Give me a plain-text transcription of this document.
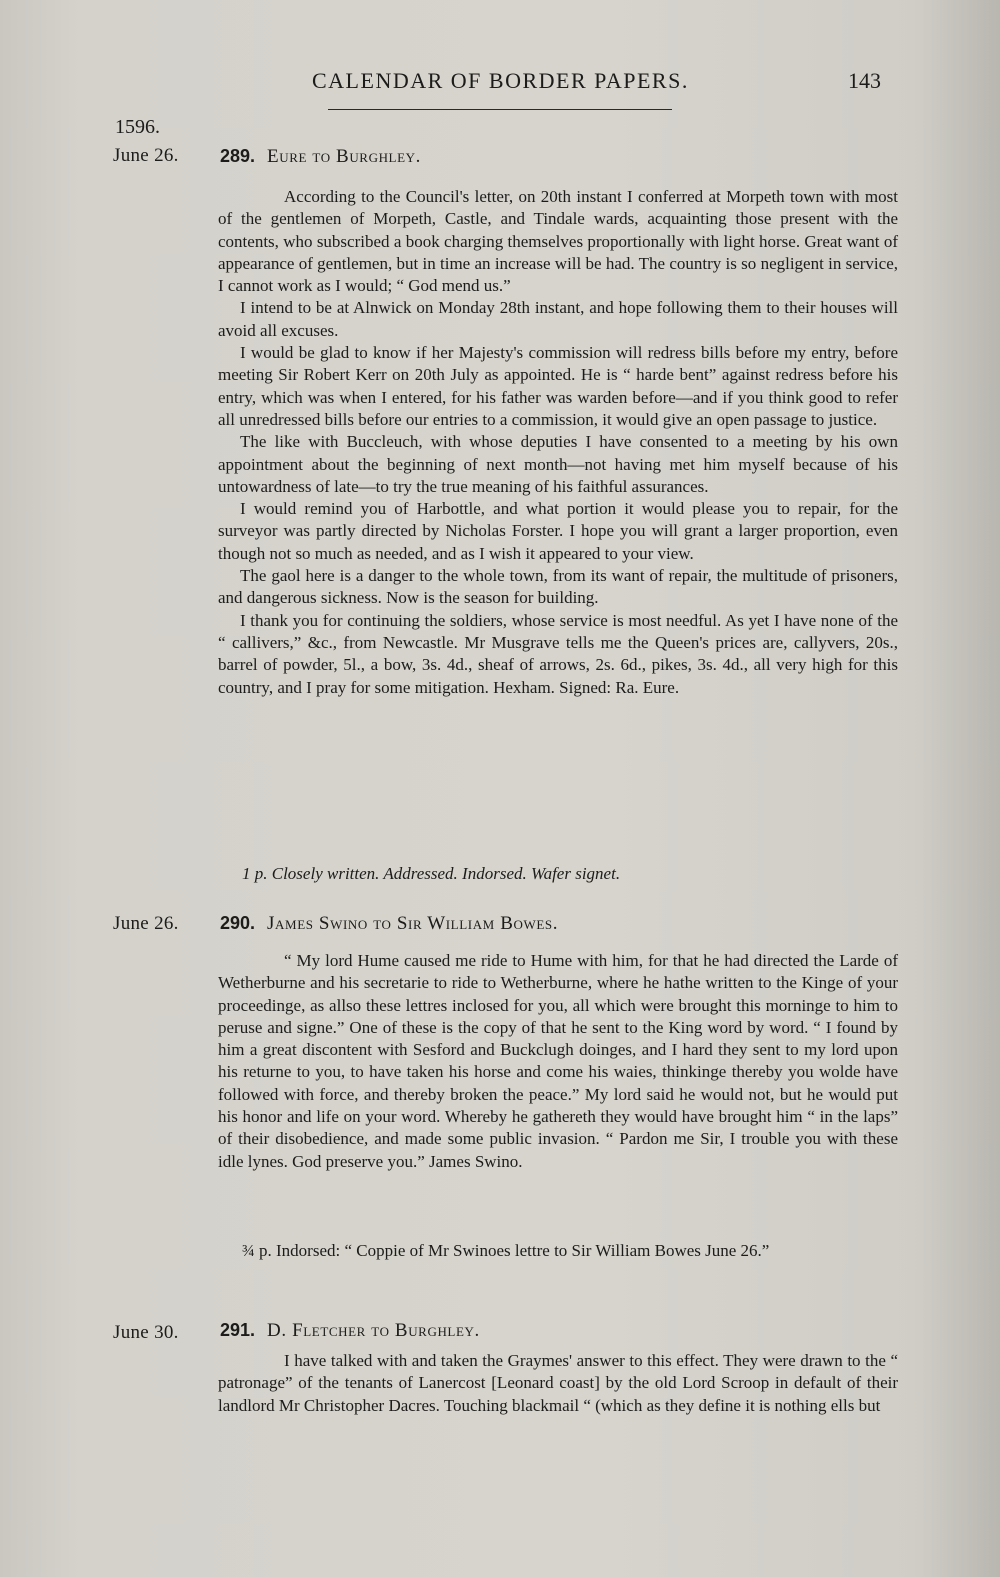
CALENDAR OF BORDER PAPERS.	143
1596.
June 26. 289. Eure to Burghley.

According to the Council's letter, on 20th instant I conferred at Morpeth town with most of the gentlemen of Morpeth, Castle, and Tindale wards, acquainting those present with the contents, who subscribed a book charging themselves proportionally with light horse. Great want of appearance of gentlemen, but in time an increase will be had. The country is so negligent in service, I cannot work as I would; “ God mend us.”

I intend to be at Alnwick on Monday 28th instant, and hope following them to their houses will avoid all excuses.

I would be glad to know if her Majesty's commission will redress bills before my entry, before meeting Sir Robert Kerr on 20th July as appointed. He is “ harde bent” against redress before his entry, which was when I entered, for his father was warden before—and if you think good to refer all unredressed bills before our entries to a commission, it would give an open passage to justice.

The like with Buccleuch, with whose deputies I have consented to a meeting by his own appointment about the beginning of next month—not having met him myself because of his untowardness of late—to try the true meaning of his faithful assurances.

I would remind you of Harbottle, and what portion it would please you to repair, for the surveyor was partly directed by Nicholas Forster. I hope you will grant a larger proportion, even though not so much as needed, and as I wish it appeared to your view.

The gaol here is a danger to the whole town, from its want of repair, the multitude of prisoners, and dangerous sickness. Now is the season for building.

I thank you for continuing the soldiers, whose service is most needful. As yet I have none of the “ callivers,” &c., from Newcastle. Mr Musgrave tells me the Queen's prices are, callyvers, 20s., barrel of powder, 5l., a bow, 3s. 4d., sheaf of arrows, 2s. 6d., pikes, 3s. 4d., all very high for this country, and I pray for some mitigation. Hexham. Signed: Ra. Eure.

1 p. Closely written. Addressed. Indorsed. Wafer signet.
June 26. 290. James Swino to Sir William Bowes.

“ My lord Hume caused me ride to Hume with him, for that he had directed the Larde of Wetherburne and his secretarie to ride to Wetherburne, where he hathe written to the Kinge of your proceedinge, as allso these lettres inclosed for you, all which were brought this morninge to him to peruse and signe.” One of these is the copy of that he sent to the King word by word. “ I found by him a great discontent with Sesford and Buckclugh doinges, and I hard they sent to my lord upon his returne to you, to have taken his horse and come his waies, thinkinge thereby you wolde have followed with force, and thereby broken the peace.” My lord said he would not, but he would put his honor and life on your word. Whereby he gathereth they would have brought him “ in the laps” of their disobedience, and made some public invasion. “ Pardon me Sir, I trouble you with these idle lynes. God preserve you.” James Swino.

¾ p. Indorsed: “ Coppie of Mr Swinoes lettre to Sir William Bowes June 26.”
June 30. 291. D. Fletcher to Burghley.

I have talked with and taken the Graymes' answer to this effect. They were drawn to the “ patronage” of the tenants of Lanercost [Leonard coast] by the old Lord Scroop in default of their landlord Mr Christopher Dacres. Touching blackmail “ (which as they define it is nothing ells but
